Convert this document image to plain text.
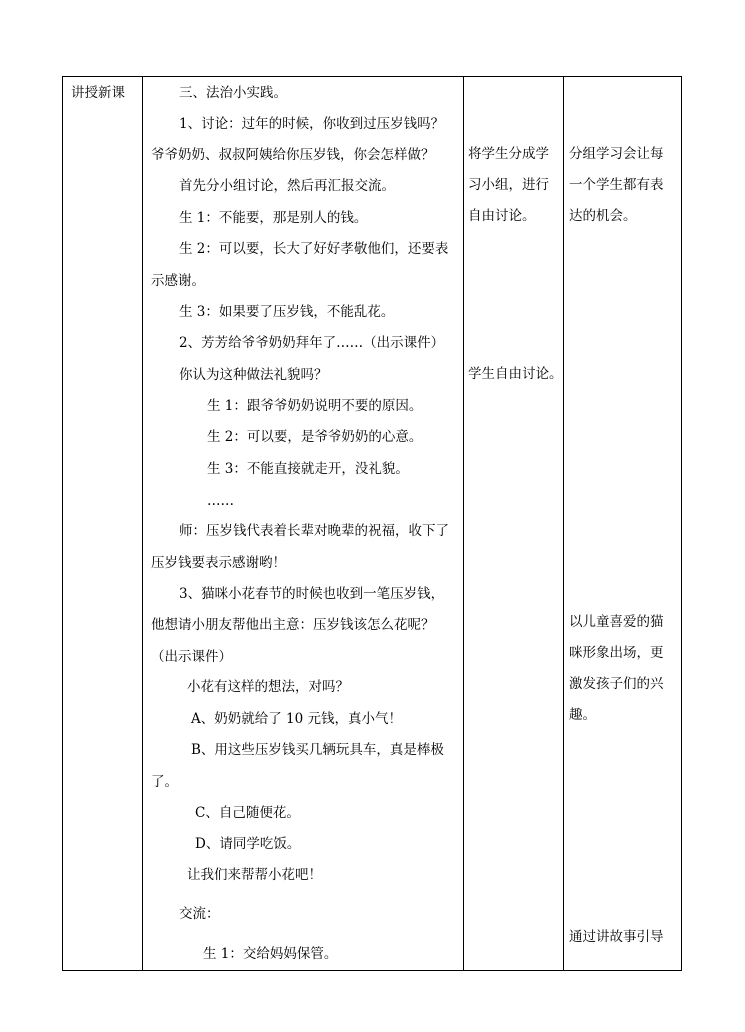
讲授新课	三、法治小实践。
1、讨论：过年的时候，你收到过压岁钱吗？
爷爷奶奶、叔叔阿姨给你压岁钱，你会怎样做？
首先分小组讨论，然后再汇报交流。
生 1：不能要，那是别人的钱。
生 2：可以要，长大了好好孝敬他们，还要表
示感谢。
生 3：如果要了压岁钱，不能乱花。
2、芳芳给爷爷奶奶拜年了……（出示课件）
你认为这种做法礼貌吗？
生 1：跟爷爷奶奶说明不要的原因。
生 2：可以要，是爷爷奶奶的心意。
生 3：不能直接就走开，没礼貌。
……
师：压岁钱代表着长辈对晚辈的祝福，收下了
压岁钱要表示感谢哟！
3、猫咪小花春节的时候也收到一笔压岁钱，
他想请小朋友帮他出主意：压岁钱该怎么花呢？
（出示课件）
小花有这样的想法，对吗？
A、奶奶就给了 10 元钱，真小气！
B、用这些压岁钱买几辆玩具车，真是棒极
了。
C、自己随便花。
D、请同学吃饭。
让我们来帮帮小花吧！
交流：
生 1：交给妈妈保管。
将学生分成学
习小组，进行
自由讨论。
学生自由讨论。
分组学习会让每
一个学生都有表
达的机会。
以儿童喜爱的猫
咪形象出场，更
激发孩子们的兴
趣。
通过讲故事引导
